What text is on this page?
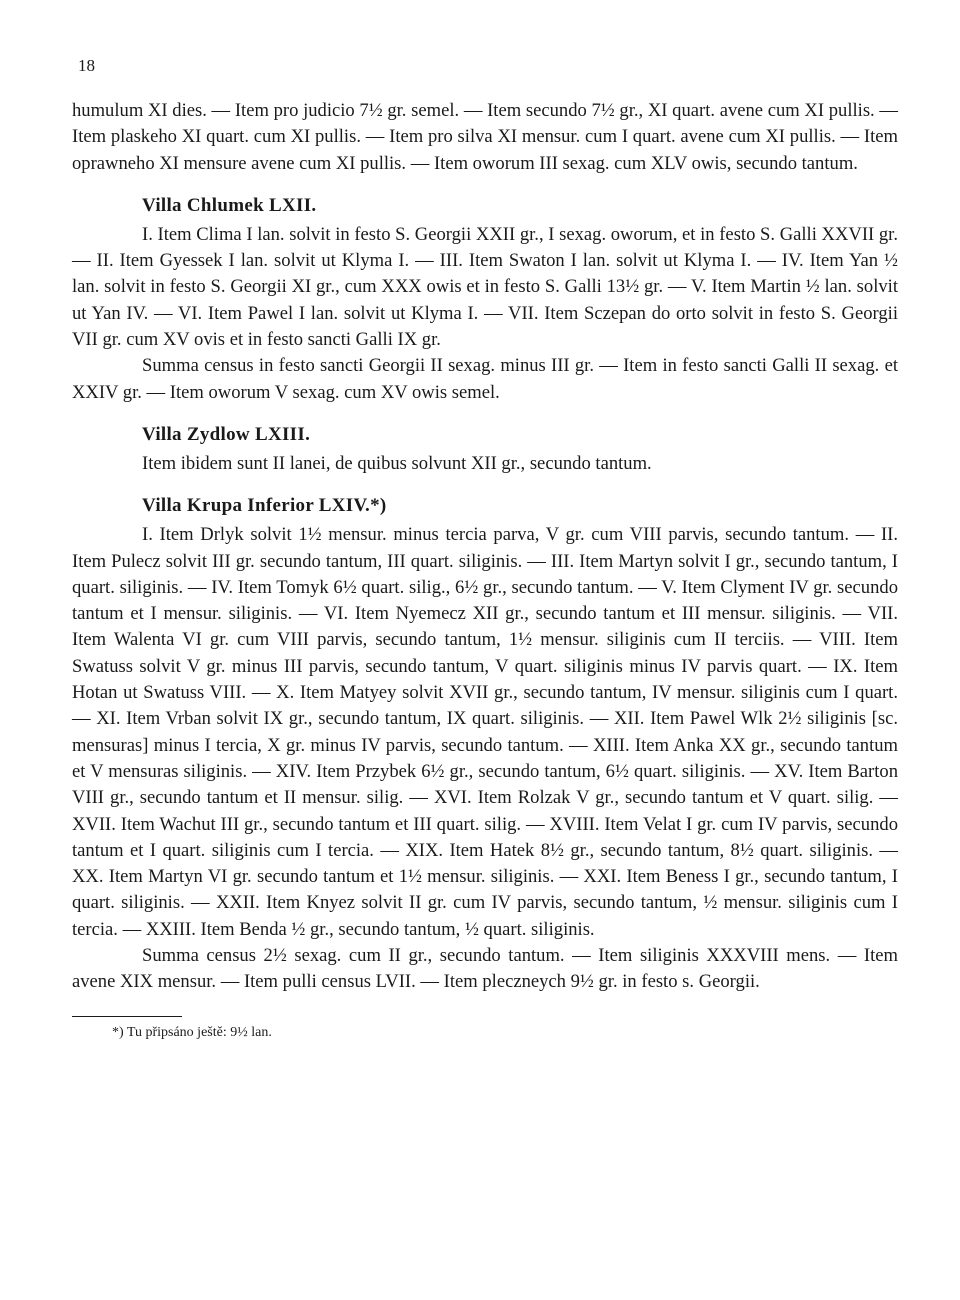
18

humulum XI dies. — Item pro judicio 7½ gr. semel. — Item secundo 7½ gr., XI quart. avene cum XI pullis. — Item plaskeho XI quart. cum XI pullis. — Item pro silva XI mensur. cum I quart. avene cum XI pullis. — Item oprawneho XI mensure avene cum XI pullis. — Item oworum III sexag. cum XLV owis, secundo tantum.

Villa Chlumek LXII.

I. Item Clima I lan. solvit in festo S. Georgii XXII gr., I sexag. oworum, et in festo S. Galli XXVII gr. — II. Item Gyessek I lan. solvit ut Klyma I. — III. Item Swaton I lan. solvit ut Klyma I. — IV. Item Yan ½ lan. solvit in festo S. Georgii XI gr., cum XXX owis et in festo S. Galli 13½ gr. — V. Item Martin ½ lan. solvit ut Yan IV. — VI. Item Pawel I lan. solvit ut Klyma I. — VII. Item Sczepan do orto solvit in festo S. Georgii VII gr. cum XV ovis et in festo sancti Galli IX gr.

Summa census in festo sancti Georgii II sexag. minus III gr. — Item in festo sancti Galli II sexag. et XXIV gr. — Item oworum V sexag. cum XV owis semel.

Villa Zydlow LXIII.

Item ibidem sunt II lanei, de quibus solvunt XII gr., secundo tantum.

Villa Krupa Inferior LXIV.*)

I. Item Drlyk solvit 1½ mensur. minus tercia parva, V gr. cum VIII parvis, secundo tantum. — II. Item Pulecz solvit III gr. secundo tantum, III quart. siliginis. — III. Item Martyn solvit I gr., secundo tantum, I quart. siliginis. — IV. Item Tomyk 6½ quart. silig., 6½ gr., secundo tantum. — V. Item Clyment IV gr. secundo tantum et I mensur. siliginis. — VI. Item Nyemecz XII gr., secundo tantum et III mensur. siliginis. — VII. Item Walenta VI gr. cum VIII parvis, secundo tantum, 1½ mensur. siliginis cum II terciis. — VIII. Item Swatuss solvit V gr. minus III parvis, secundo tantum, V quart. siliginis minus IV parvis quart. — IX. Item Hotan ut Swatuss VIII. — X. Item Matyey solvit XVII gr., secundo tantum, IV mensur. siliginis cum I quart. — XI. Item Vrban solvit IX gr., secundo tantum, IX quart. siliginis. — XII. Item Pawel Wlk 2½ siliginis [sc. mensuras] minus I tercia, X gr. minus IV parvis, secundo tantum. — XIII. Item Anka XX gr., secundo tantum et V mensuras siliginis. — XIV. Item Przybek 6½ gr., secundo tantum, 6½ quart. siliginis. — XV. Item Barton VIII gr., secundo tantum et II mensur. silig. — XVI. Item Rolzak V gr., secundo tantum et V quart. silig. — XVII. Item Wachut III gr., secundo tantum et III quart. silig. — XVIII. Item Velat I gr. cum IV parvis, secundo tantum et I quart. siliginis cum I tercia. — XIX. Item Hatek 8½ gr., secundo tantum, 8½ quart. siliginis. — XX. Item Martyn VI gr. secundo tantum et 1½ mensur. siliginis. — XXI. Item Beness I gr., secundo tantum, I quart. siliginis. — XXII. Item Knyez solvit II gr. cum IV parvis, secundo tantum, ½ mensur. siliginis cum I tercia. — XXIII. Item Benda ½ gr., secundo tantum, ½ quart. siliginis.

Summa census 2½ sexag. cum II gr., secundo tantum. — Item siliginis XXXVIII mens. — Item avene XIX mensur. — Item pulli census LVII. — Item pleczneych 9½ gr. in festo s. Georgii.

*) Tu připsáno ještě: 9½ lan.
